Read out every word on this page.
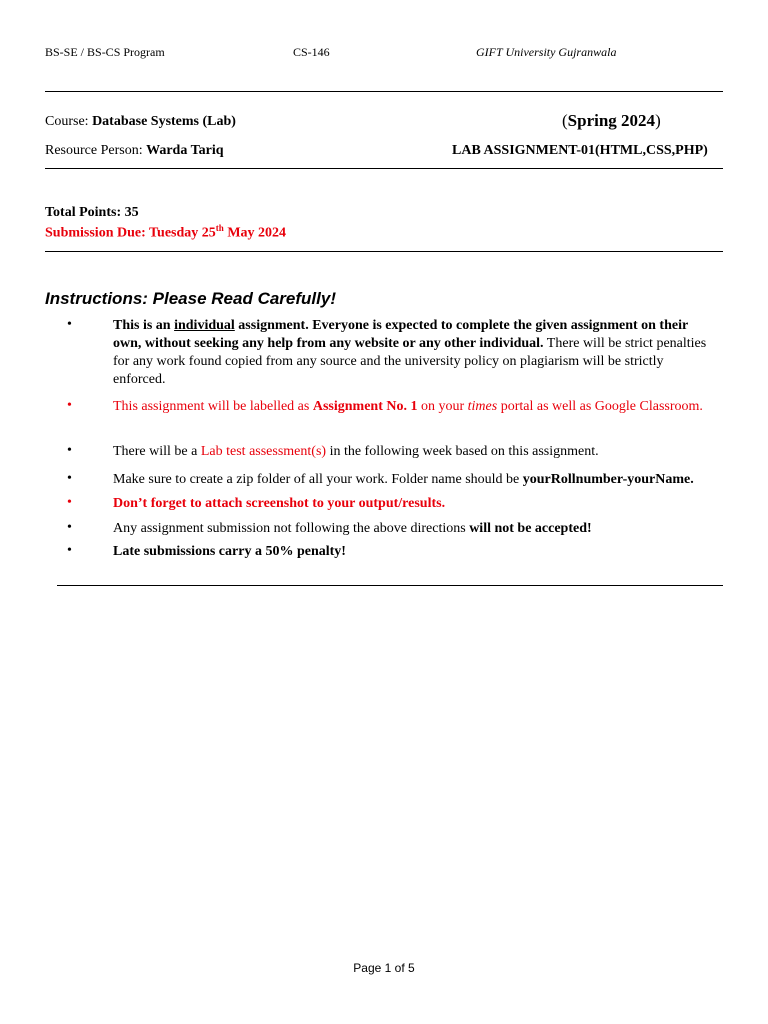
BS-SE / BS-CS Program	CS-146	GIFT University Gujranwala
Course: Database Systems (Lab)	(Spring 2024)
Resource Person: Warda Tariq	LAB ASSIGNMENT-01(HTML,CSS,PHP)
Total Points: 35
Submission Due: Tuesday 25th May 2024
Instructions: Please Read Carefully!
•	This is an individual assignment. Everyone is expected to complete the given assignment on their own, without seeking any help from any website or any other individual. There will be strict penalties for any work found copied from any source and the university policy on plagiarism will be strictly enforced.
•	This assignment will be labelled as Assignment No. 1 on your times portal as well as Google Classroom.
•	There will be a Lab test assessment(s) in the following week based on this assignment.
•	Make sure to create a zip folder of all your work. Folder name should be yourRollnumber-yourName.
•	Don’t forget to attach screenshot to your output/results.
•	Any assignment submission not following the above directions will not be accepted!
•	Late submissions carry a 50% penalty!
Page 1 of 5
